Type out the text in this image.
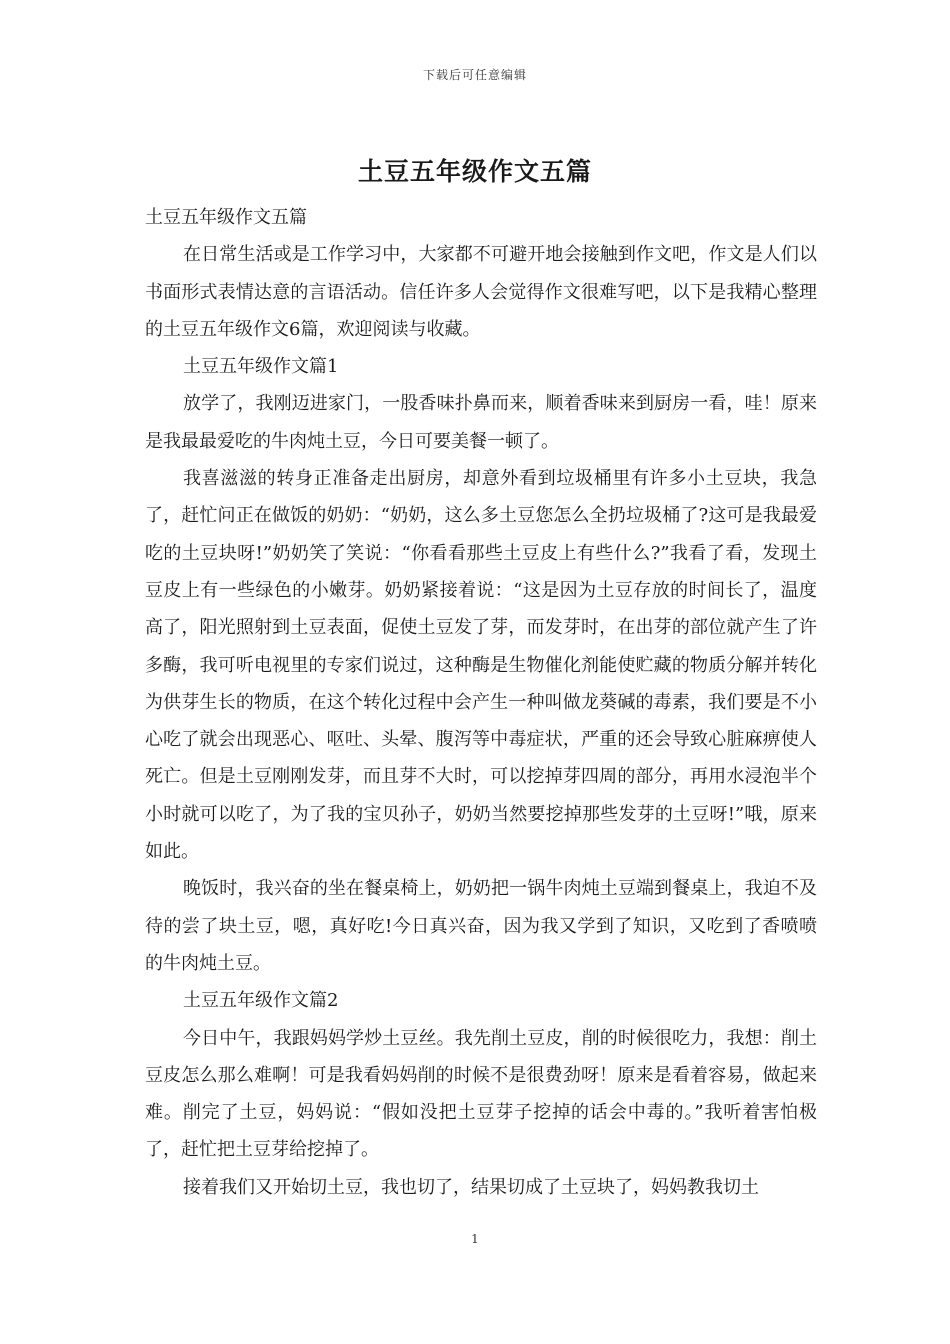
下载后可任意编辑
土豆五年级作文五篇

土豆五年级作文五篇

在日常生活或是工作学习中，大家都不可避开地会接触到作文吧，作文是人们以书面形式表情达意的言语活动。信任许多人会觉得作文很难写吧，以下是我精心整理的土豆五年级作文6篇，欢迎阅读与收藏。

土豆五年级作文篇1

放学了，我刚迈进家门，一股香味扑鼻而来，顺着香味来到厨房一看，哇！原来是我最最爱吃的牛肉炖土豆，今日可要美餐一顿了。

我喜滋滋的转身正准备走出厨房，却意外看到垃圾桶里有许多小土豆块，我急了，赶忙问正在做饭的奶奶：“奶奶，这么多土豆您怎么全扔垃圾桶了?这可是我最爱吃的土豆块呀!”奶奶笑了笑说：“你看看那些土豆皮上有些什么?”我看了看，发现土豆皮上有一些绿色的小嫩芽。奶奶紧接着说：“这是因为土豆存放的时间长了，温度高了，阳光照射到土豆表面，促使土豆发了芽，而发芽时，在出芽的部位就产生了许多酶，我可听电视里的专家们说过，这种酶是生物催化剂能使贮藏的物质分解并转化为供芽生长的物质，在这个转化过程中会产生一种叫做龙葵碱的毒素，我们要是不小心吃了就会出现恶心、呕吐、头晕、腹泻等中毒症状，严重的还会导致心脏麻痹使人死亡。但是土豆刚刚发芽，而且芽不大时，可以挖掉芽四周的部分，再用水浸泡半个小时就可以吃了，为了我的宝贝孙子，奶奶当然要挖掉那些发芽的土豆呀!”哦，原来如此。

晚饭时，我兴奋的坐在餐桌椅上，奶奶把一锅牛肉炖土豆端到餐桌上，我迫不及待的尝了块土豆，嗯，真好吃!今日真兴奋，因为我又学到了知识，又吃到了香喷喷的牛肉炖土豆。

土豆五年级作文篇2

今日中午，我跟妈妈学炒土豆丝。我先削土豆皮，削的时候很吃力，我想：削土豆皮怎么那么难啊！可是我看妈妈削的时候不是很费劲呀！原来是看着容易，做起来难。削完了土豆，妈妈说：“假如没把土豆芽子挖掉的话会中毒的。”我听着害怕极了，赶忙把土豆芽给挖掉了。

接着我们又开始切土豆，我也切了，结果切成了土豆块了，妈妈教我切土

1
